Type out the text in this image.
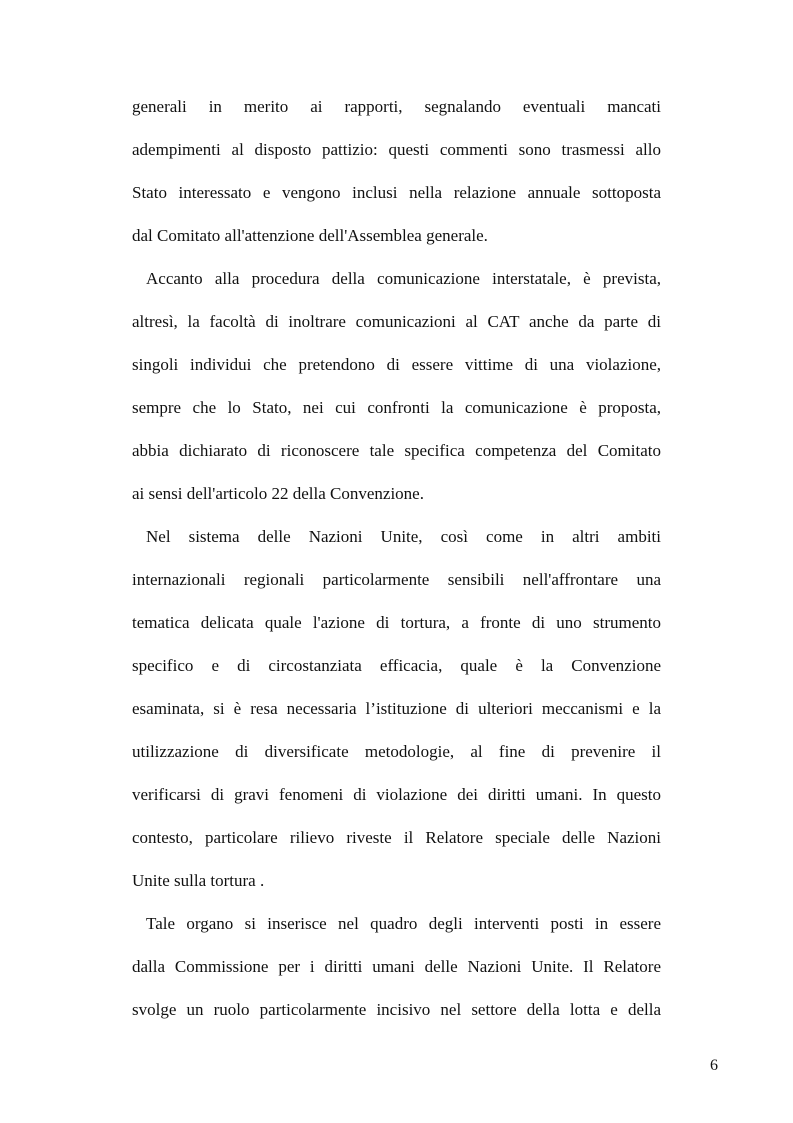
generali in merito ai rapporti, segnalando eventuali mancati
adempimenti al disposto pattizio: questi commenti sono trasmessi allo
Stato interessato e vengono inclusi nella relazione annuale sottoposta
dal Comitato all'attenzione dell'Assemblea generale.
Accanto alla procedura della comunicazione interstatale, è prevista,
altresì, la facoltà di inoltrare comunicazioni al CAT anche da parte di
singoli individui che pretendono di essere vittime di una violazione,
sempre che lo Stato, nei cui confronti la comunicazione è proposta,
abbia dichiarato di riconoscere tale specifica competenza del Comitato
ai sensi dell'articolo 22 della Convenzione.
Nel sistema delle Nazioni Unite, così come in altri ambiti
internazionali regionali particolarmente sensibili nell'affrontare una
tematica delicata quale l'azione di tortura, a fronte di uno strumento
specifico e di circostanziata efficacia, quale è la Convenzione
esaminata, si è resa necessaria l’istituzione di ulteriori meccanismi e la
utilizzazione di diversificate metodologie, al fine di prevenire il
verificarsi di gravi fenomeni di violazione dei diritti umani. In questo
contesto, particolare rilievo riveste il Relatore speciale delle Nazioni
Unite sulla tortura .
Tale organo si inserisce nel quadro degli interventi posti in essere
dalla Commissione per i diritti umani delle Nazioni Unite. Il Relatore
svolge un ruolo particolarmente incisivo nel settore della lotta e della
6
